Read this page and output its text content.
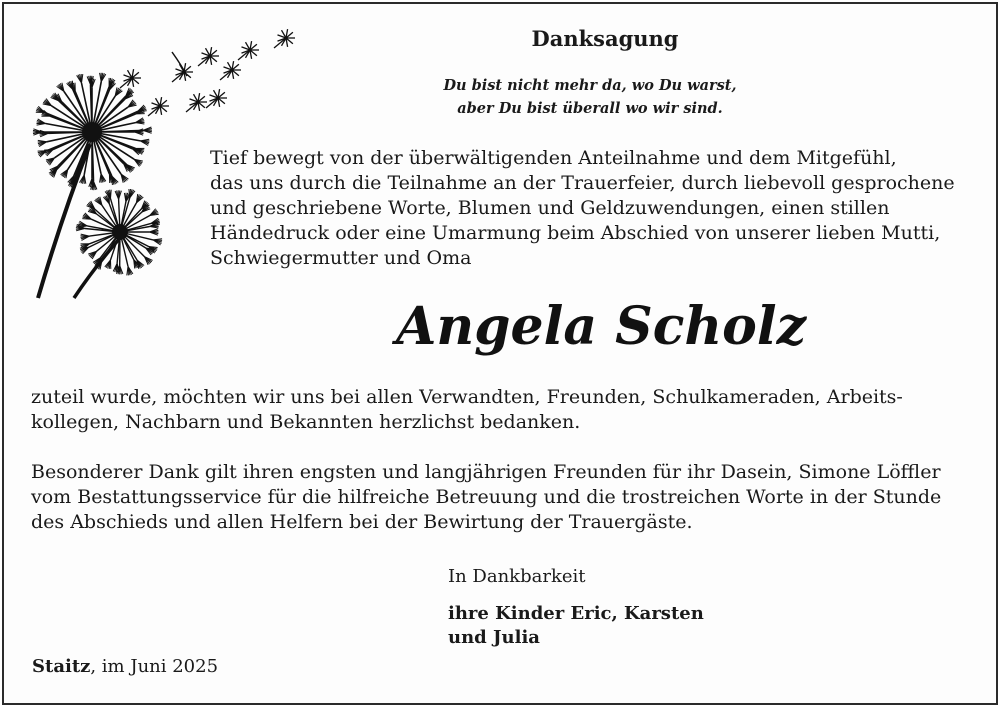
Danksagung
Du bist nicht mehr da, wo Du warst,
aber Du bist überall wo wir sind.
Tief bewegt von der überwältigenden Anteilnahme und dem Mitgefühl,
das uns durch die Teilnahme an der Trauerfeier, durch liebevoll gesprochene
und geschriebene Worte, Blumen und Geldzuwendungen, einen stillen
Händedruck oder eine Umarmung beim Abschied von unserer lieben Mutti,
Schwiegermutter und Oma
Angela Scholz
zuteil wurde, möchten wir uns bei allen Verwandten, Freunden, Schulkameraden, Arbeits-
kollegen, Nachbarn und Bekannten herzlichst bedanken.
Besonderer Dank gilt ihren engsten und langjährigen Freunden für ihr Dasein, Simone Löffler
vom Bestattungsservice für die hilfreiche Betreuung und die trostreichen Worte in der Stunde
des Abschieds und allen Helfern bei der Bewirtung der Trauergäste.
In Dankbarkeit
ihre Kinder Eric, Karsten
und Julia
Staitz, im Juni 2025
